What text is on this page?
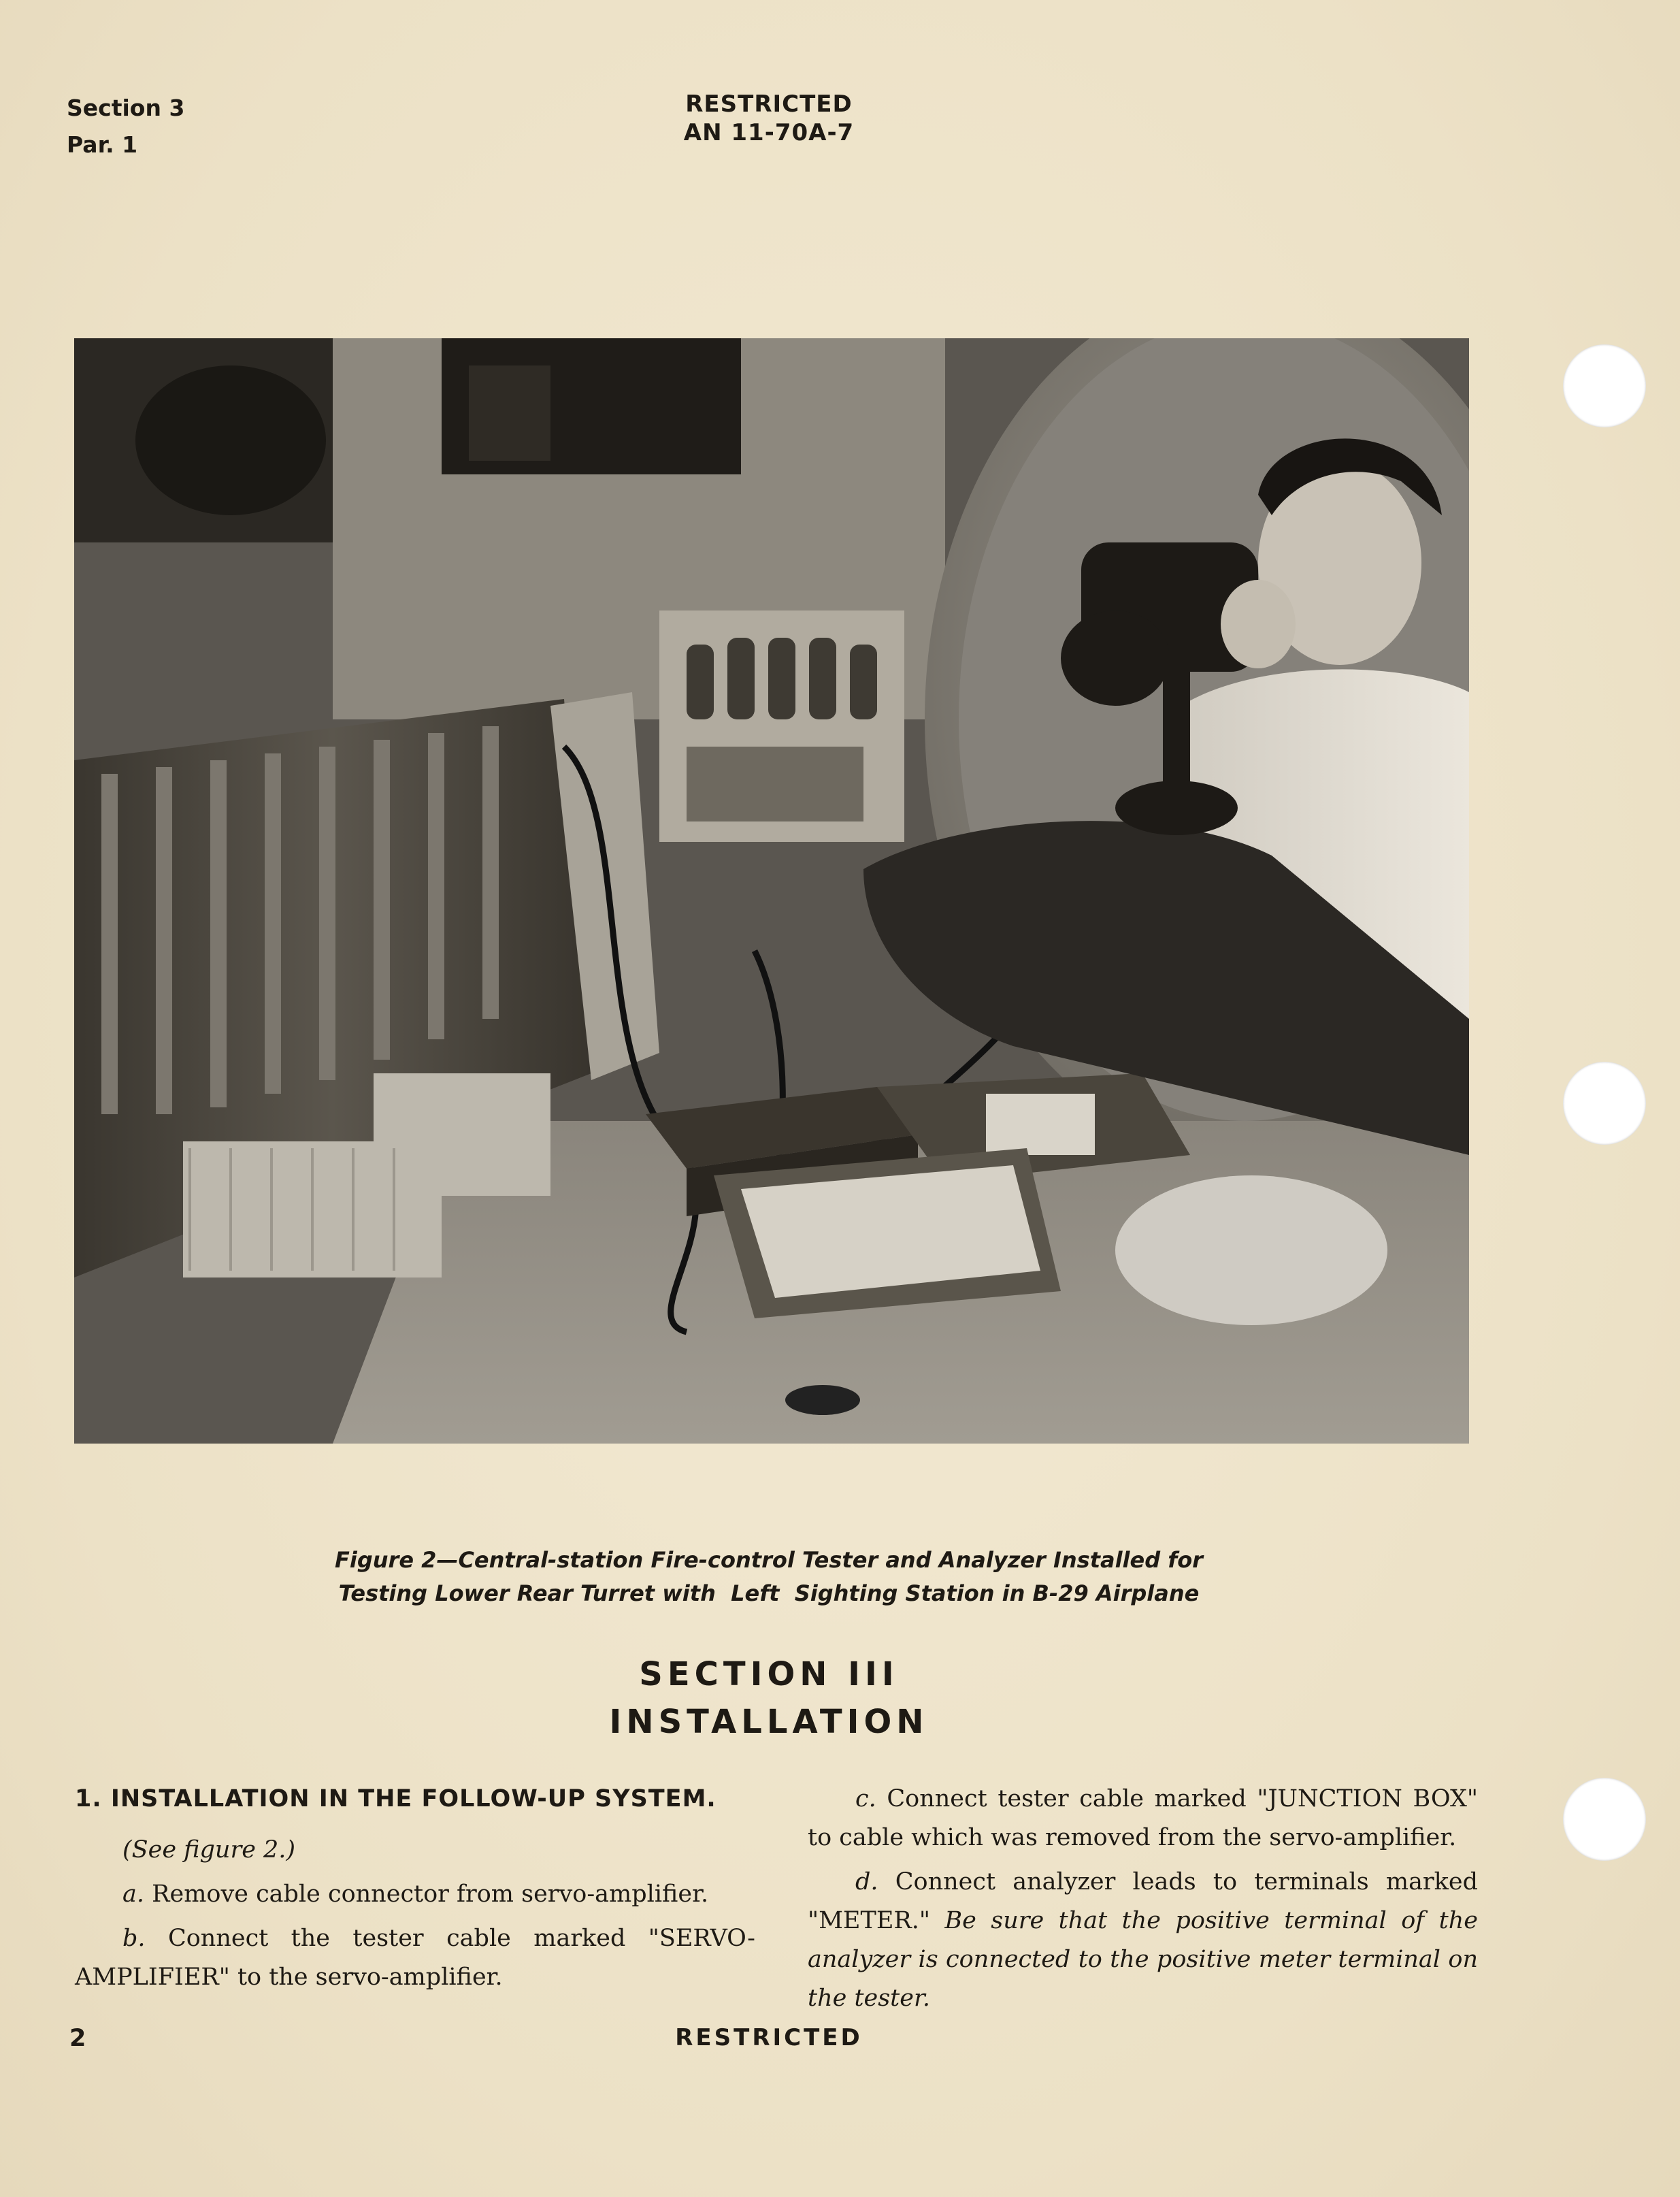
Section 3
Par. 1
RESTRICTED
AN 11-70A-7
Figure 2—Central-station Fire-control Tester and Analyzer Installed for
Testing Lower Rear Turret with  Left  Sighting Station in B-29 Airplane
SECTION III
INSTALLATION
1. INSTALLATION IN THE FOLLOW-UP SYSTEM.
(See figure 2.)
a. Remove cable connector from servo-amplifier.
b. Connect the tester cable marked "SERVO-AMPLIFIER" to the servo-amplifier.
c. Connect tester cable marked "JUNCTION BOX" to cable which was removed from the servo-amplifier.
d. Connect analyzer leads to terminals marked "METER." Be sure that the positive terminal of the analyzer is connected to the positive meter terminal on the tester.
2	RESTRICTED
